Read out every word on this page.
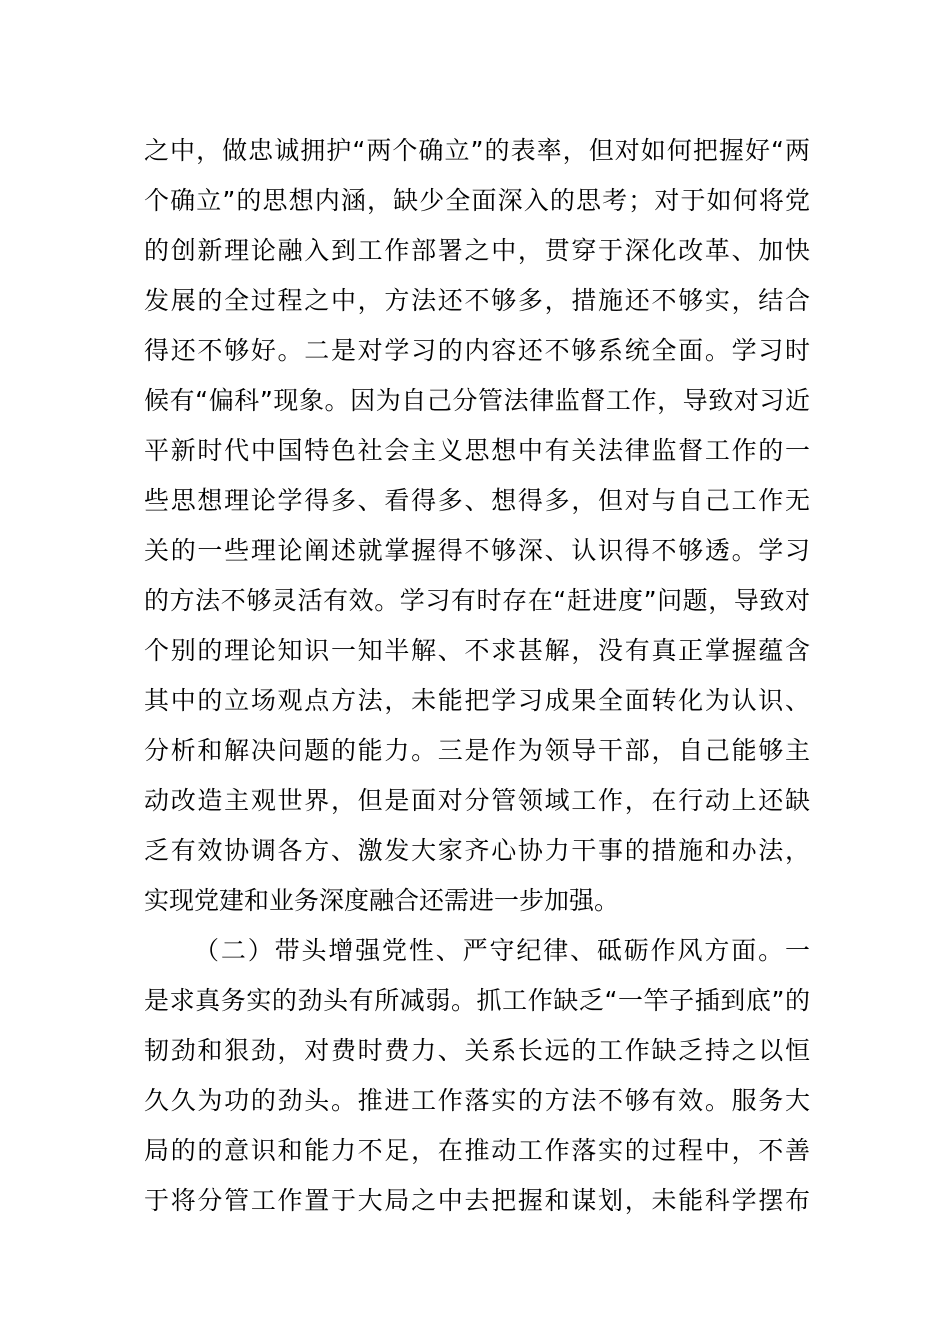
之中，做忠诚拥护“两个确立”的表率，但对如何把握好“两
个确立”的思想内涵，缺少全面深入的思考；对于如何将党
的创新理论融入到工作部署之中，贯穿于深化改革、加快
发展的全过程之中，方法还不够多，措施还不够实，结合
得还不够好。二是对学习的内容还不够系统全面。学习时
候有“偏科”现象。因为自己分管法律监督工作，导致对习近
平新时代中国特色社会主义思想中有关法律监督工作的一
些思想理论学得多、看得多、想得多，但对与自己工作无
关的一些理论阐述就掌握得不够深、认识得不够透。学习
的方法不够灵活有效。学习有时存在“赶进度”问题，导致对
个别的理论知识一知半解、不求甚解，没有真正掌握蕴含
其中的立场观点方法，未能把学习成果全面转化为认识、
分析和解决问题的能力。三是作为领导干部，自己能够主
动改造主观世界，但是面对分管领域工作，在行动上还缺
乏有效协调各方、激发大家齐心协力干事的措施和办法，
实现党建和业务深度融合还需进一步加强。
（二）带头增强党性、严守纪律、砥砺作风方面。一
是求真务实的劲头有所减弱。抓工作缺乏“一竿子插到底”的
韧劲和狠劲，对费时费力、关系长远的工作缺乏持之以恒
久久为功的劲头。推进工作落实的方法不够有效。服务大
局的的意识和能力不足，在推动工作落实的过程中，不善
于将分管工作置于大局之中去把握和谋划，未能科学摆布
